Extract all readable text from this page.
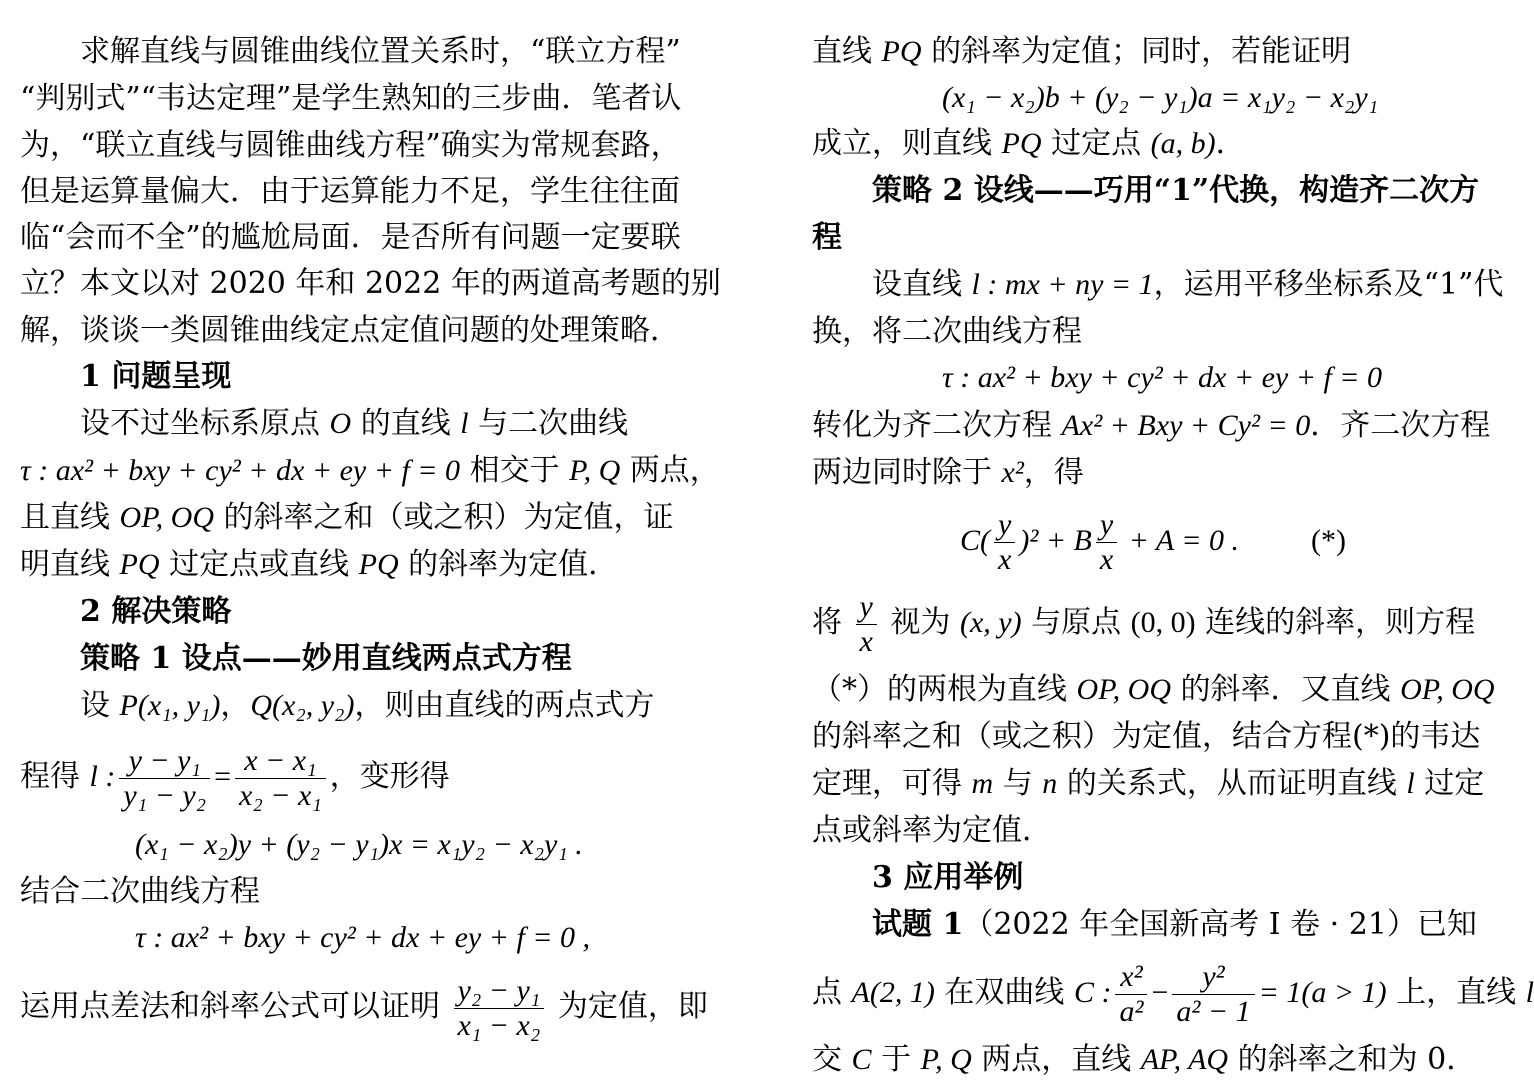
求解直线与圆锥曲线位置关系时，“联立方程”
“判别式”“韦达定理”是学生熟知的三步曲．笔者认
为，“联立直线与圆锥曲线方程”确实为常规套路，
但是运算量偏大．由于运算能力不足，学生往往面
临“会而不全”的尴尬局面．是否所有问题一定要联
立？本文以对 2020 年和 2022 年的两道高考题的别
解，谈谈一类圆锥曲线定点定值问题的处理策略．
1 问题呈现
设不过坐标系原点 O 的直线 l 与二次曲线
τ : ax² + bxy + cy² + dx + ey + f = 0 相交于 P, Q 两点，
且直线 OP, OQ 的斜率之和（或之积）为定值，证
明直线 PQ 过定点或直线 PQ 的斜率为定值．
2 解决策略
策略 1 设点——妙用直线两点式方程
设 P(x₁, y₁)，Q(x₂, y₂)，则由直线的两点式方
程得 l : $\frac{\text{y − y₁}}{\text{y₁ − y₂}} = \frac{\text{x − x₁}}{\text{x₂ − x₁}}$ ，变形得
(x₁ − x₂)y + (y₂ − y₁)x = x₁y₂ − x₂y₁ .
结合二次曲线方程
τ : ax² + bxy + cy² + dx + ey + f = 0 ,
运用点差法和斜率公式可以证明 $\frac{\text{y₂ − y₁}}{\text{x₁ − x₂}}$ 为定值，即
直线 PQ 的斜率为定值；同时，若能证明
(x₁ − x₂)b + (y₂ − y₁)a = x₁y₂ − x₂y₁
成立，则直线 PQ 过定点 (a, b)．
策略 2 设线——巧用“1”代换，构造齐二次方
程
设直线 l : mx + ny = 1，运用平移坐标系及“1”代
换，将二次曲线方程
τ : ax² + bxy + cy² + dx + ey + f = 0
转化为齐二次方程 Ax² + Bxy + Cy² = 0．齐二次方程
两边同时除于 x²，得
$C( \frac{y}{x} )^2 + B \frac{y}{x} + A = 0$ . (*)
将 $\frac{y}{x}$ 视为 (x, y) 与原点 (0, 0) 连线的斜率，则方程
（*）的两根为直线 OP, OQ 的斜率．又直线 OP, OQ
的斜率之和（或之积）为定值，结合方程(*)的韦达
定理，可得 m 与 n 的关系式，从而证明直线 l 过定
点或斜率为定值．
3 应用举例
试题 1（2022 年全国新高考 I 卷 · 21）已知
点 A(2, 1) 在双曲线 C : $\frac{\text{x²}}{\text{a²}} - \frac{\text{y²}}{\text{a² − 1}} = 1(a > 1)$ 上，直线 l
交 C 于 P, Q 两点，直线 AP, AQ 的斜率之和为 0．
